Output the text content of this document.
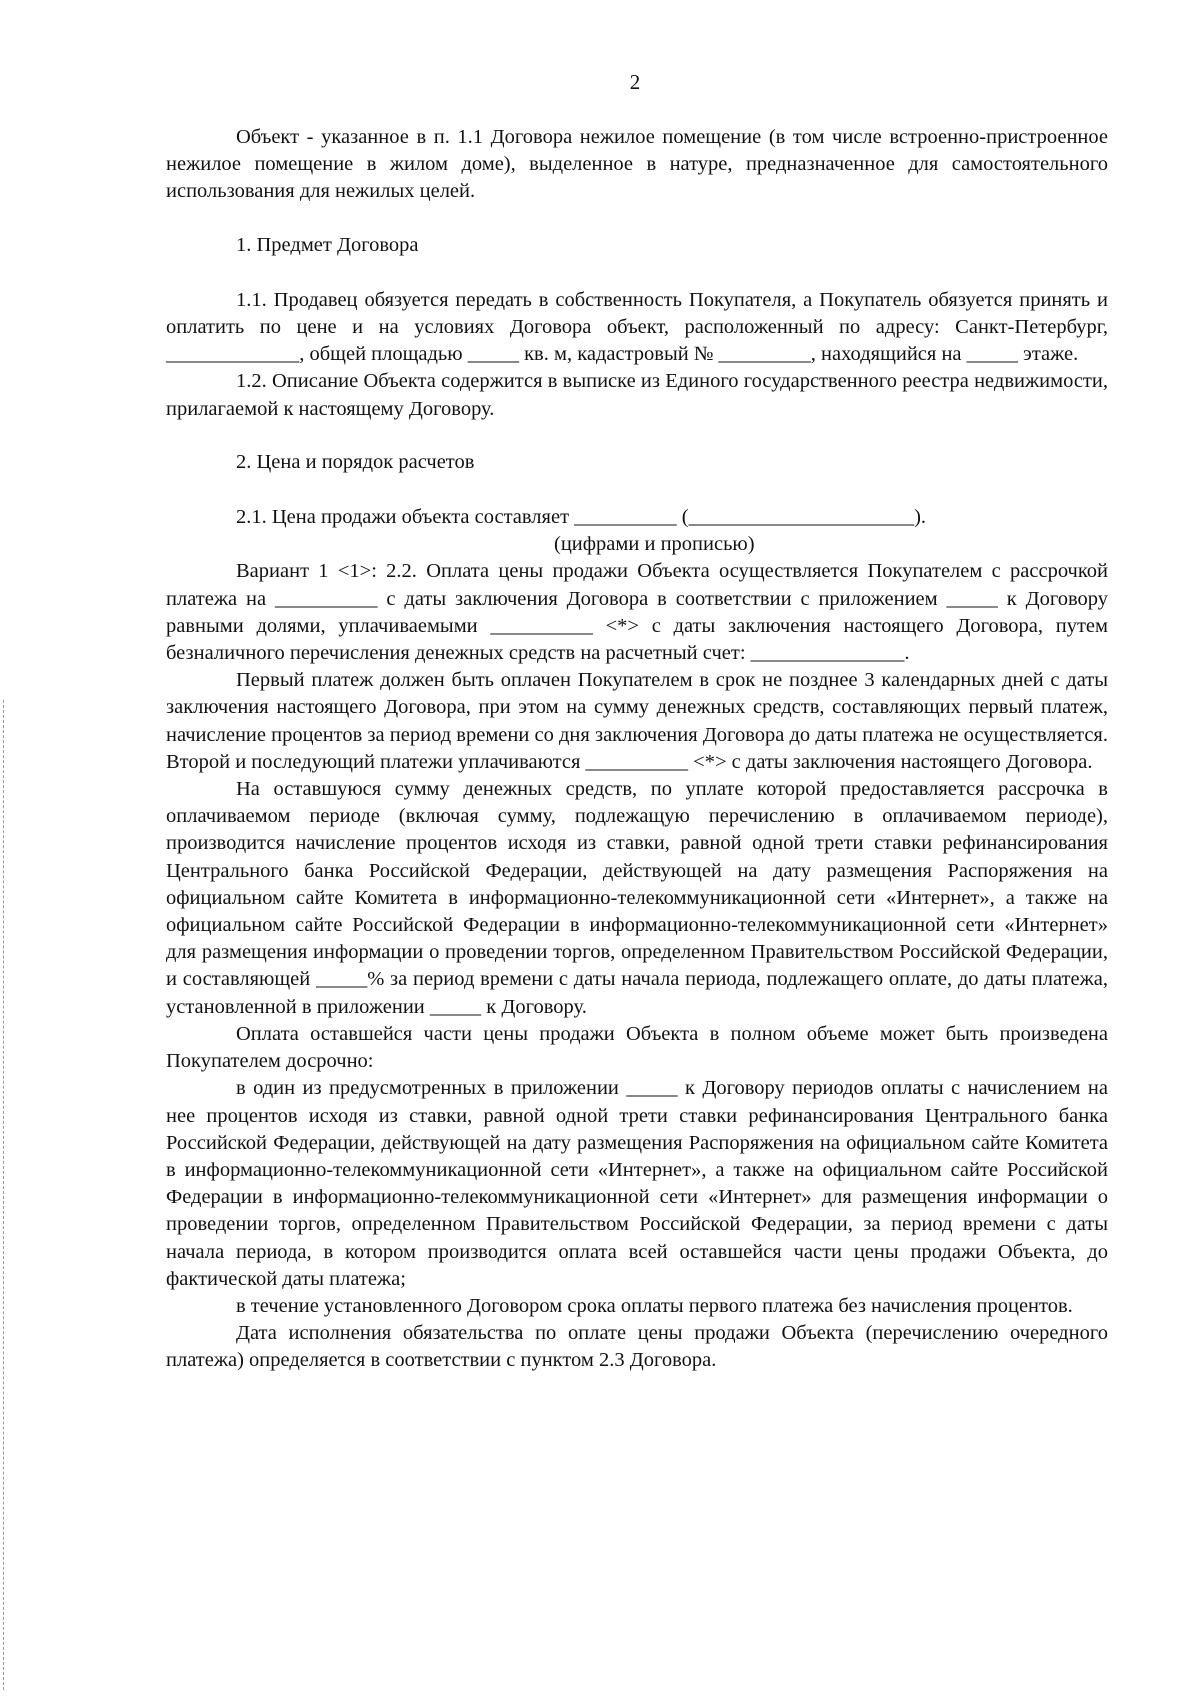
2

Объект - указанное в п. 1.1 Договора нежилое помещение (в том числе встроенно-пристроенное нежилое помещение в жилом доме), выделенное в натуре, предназначенное для самостоятельного использования для нежилых целей.

1. Предмет Договора

1.1. Продавец обязуется передать в собственность Покупателя, а Покупатель обязуется принять и оплатить по цене и на условиях Договора объект, расположенный по адресу: Санкт-Петербург, _____________, общей площадью _____ кв. м, кадастровый № _________, находящийся на _____ этаже.

1.2. Описание Объекта содержится в выписке из Единого государственного реестра недвижимости, прилагаемой к настоящему Договору.

2. Цена и порядок расчетов

2.1. Цена продажи объекта составляет __________ (______________________).

(цифрами и прописью)

Вариант 1 <1>: 2.2. Оплата цены продажи Объекта осуществляется Покупателем с рассрочкой платежа на __________ с даты заключения Договора в соответствии с приложением _____ к Договору равными долями, уплачиваемыми __________ <*> с даты заключения настоящего Договора, путем безналичного перечисления денежных средств на расчетный счет: _______________.

Первый платеж должен быть оплачен Покупателем в срок не позднее 3 календарных дней с даты заключения настоящего Договора, при этом на сумму денежных средств, составляющих первый платеж, начисление процентов за период времени со дня заключения Договора до даты платежа не осуществляется. Второй и последующий платежи уплачиваются __________ <*> с даты заключения настоящего Договора.

На оставшуюся сумму денежных средств, по уплате которой предоставляется рассрочка в оплачиваемом периоде (включая сумму, подлежащую перечислению в оплачиваемом периоде), производится начисление процентов исходя из ставки, равной одной трети ставки рефинансирования Центрального банка Российской Федерации, действующей на дату размещения Распоряжения на официальном сайте Комитета в информационно-телекоммуникационной сети «Интернет», а также на официальном сайте Российской Федерации в информационно-телекоммуникационной сети «Интернет» для размещения информации о проведении торгов, определенном Правительством Российской Федерации, и составляющей _____% за период времени с даты начала периода, подлежащего оплате, до даты платежа, установленной в приложении _____ к Договору.

Оплата оставшейся части цены продажи Объекта в полном объеме может быть произведена Покупателем досрочно:

в один из предусмотренных в приложении _____ к Договору периодов оплаты с начислением на нее процентов исходя из ставки, равной одной трети ставки рефинансирования Центрального банка Российской Федерации, действующей на дату размещения Распоряжения на официальном сайте Комитета в информационно-телекоммуникационной сети «Интернет», а также на официальном сайте Российской Федерации в информационно-телекоммуникационной сети «Интернет» для размещения информации о проведении торгов, определенном Правительством Российской Федерации, за период времени с даты начала периода, в котором производится оплата всей оставшейся части цены продажи Объекта, до фактической даты платежа;

в течение установленного Договором срока оплаты первого платежа без начисления процентов.

Дата исполнения обязательства по оплате цены продажи Объекта (перечислению очередного платежа) определяется в соответствии с пунктом 2.3 Договора.
